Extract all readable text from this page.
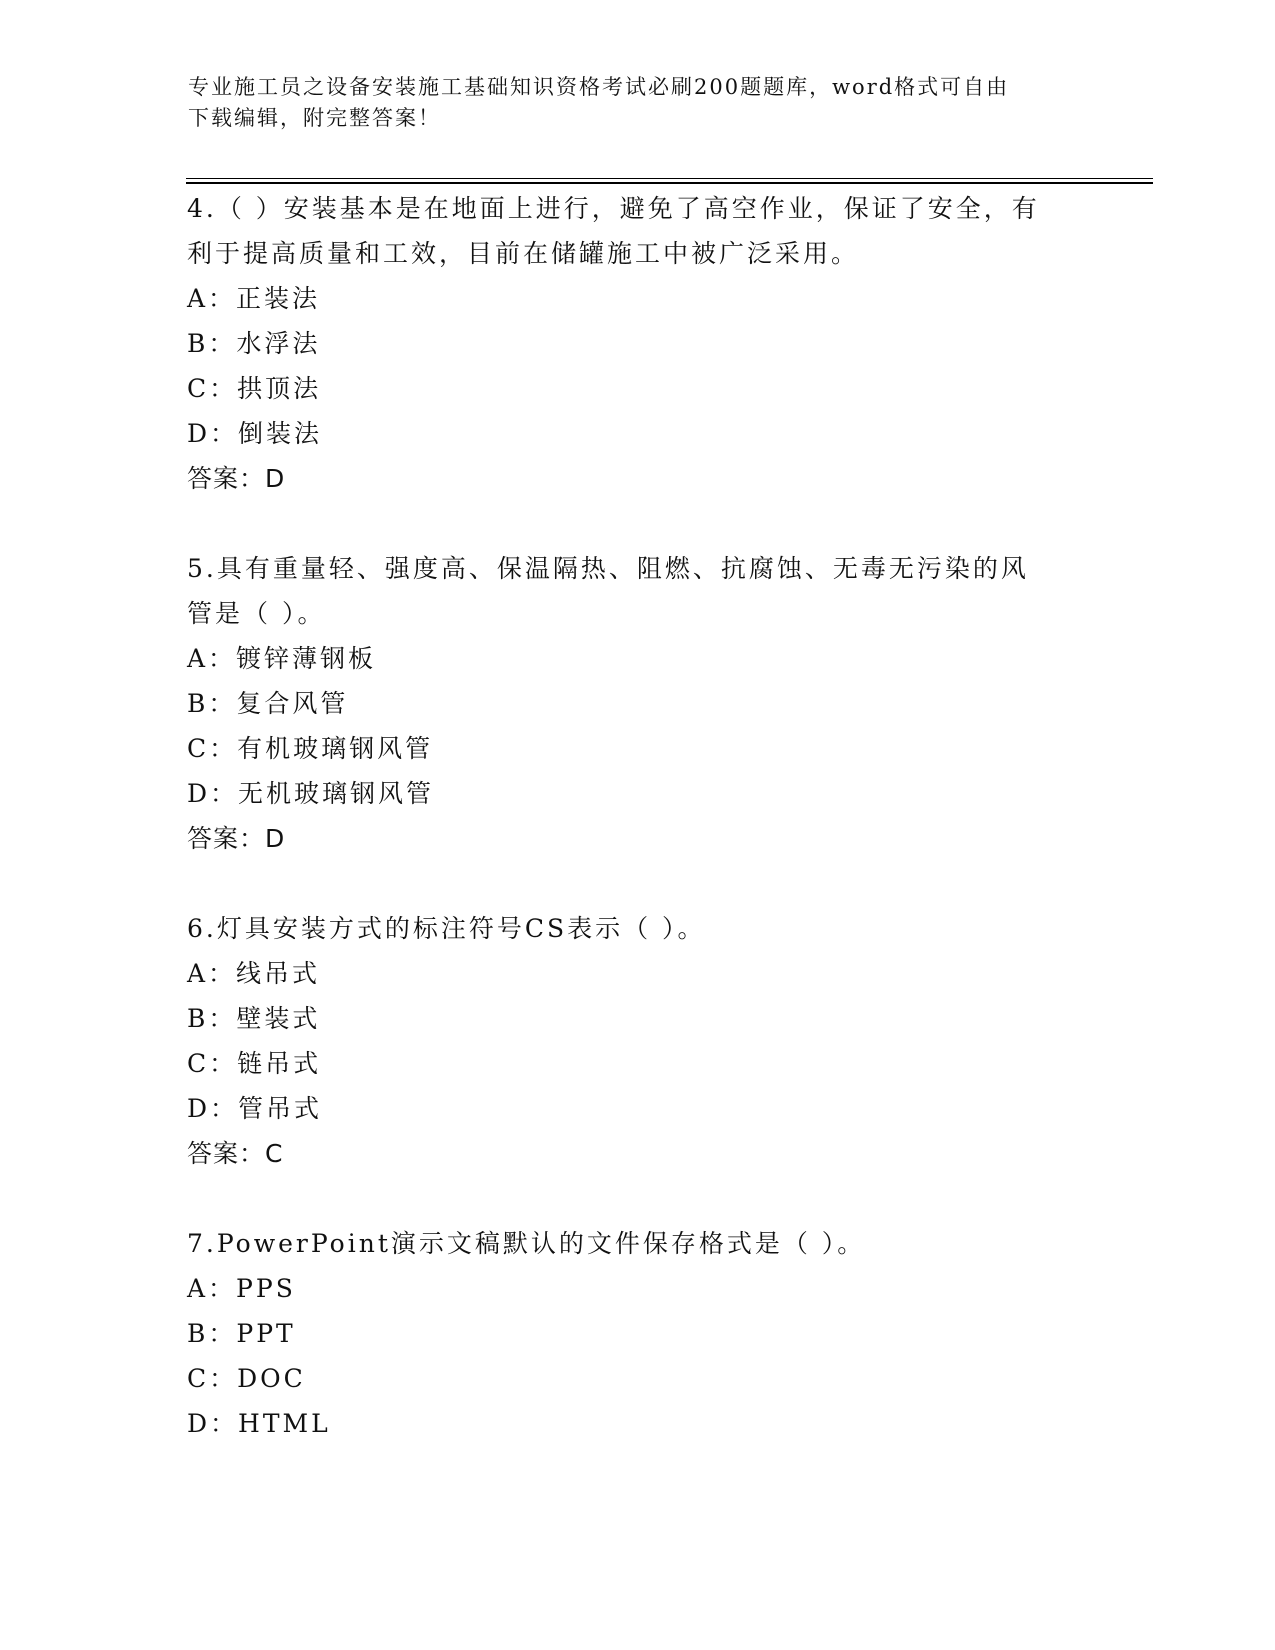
专业施工员之设备安装施工基础知识资格考试必刷200题题库，word格式可自由
下载编辑，附完整答案！
4.（ ）安装基本是在地面上进行，避免了高空作业，保证了安全，有
利于提高质量和工效，目前在储罐施工中被广泛采用。
A：正装法
B：水浮法
C：拱顶法
D：倒装法
答案：D
5.具有重量轻、强度高、保温隔热、阻燃、抗腐蚀、无毒无污染的风
管是（ ）。
A：镀锌薄钢板
B：复合风管
C：有机玻璃钢风管
D：无机玻璃钢风管
答案：D
6.灯具安装方式的标注符号CS表示（ ）。
A：线吊式
B：壁装式
C：链吊式
D：管吊式
答案：C
7.PowerPoint演示文稿默认的文件保存格式是（ ）。
A：PPS
B：PPT
C：DOC
D：HTML
